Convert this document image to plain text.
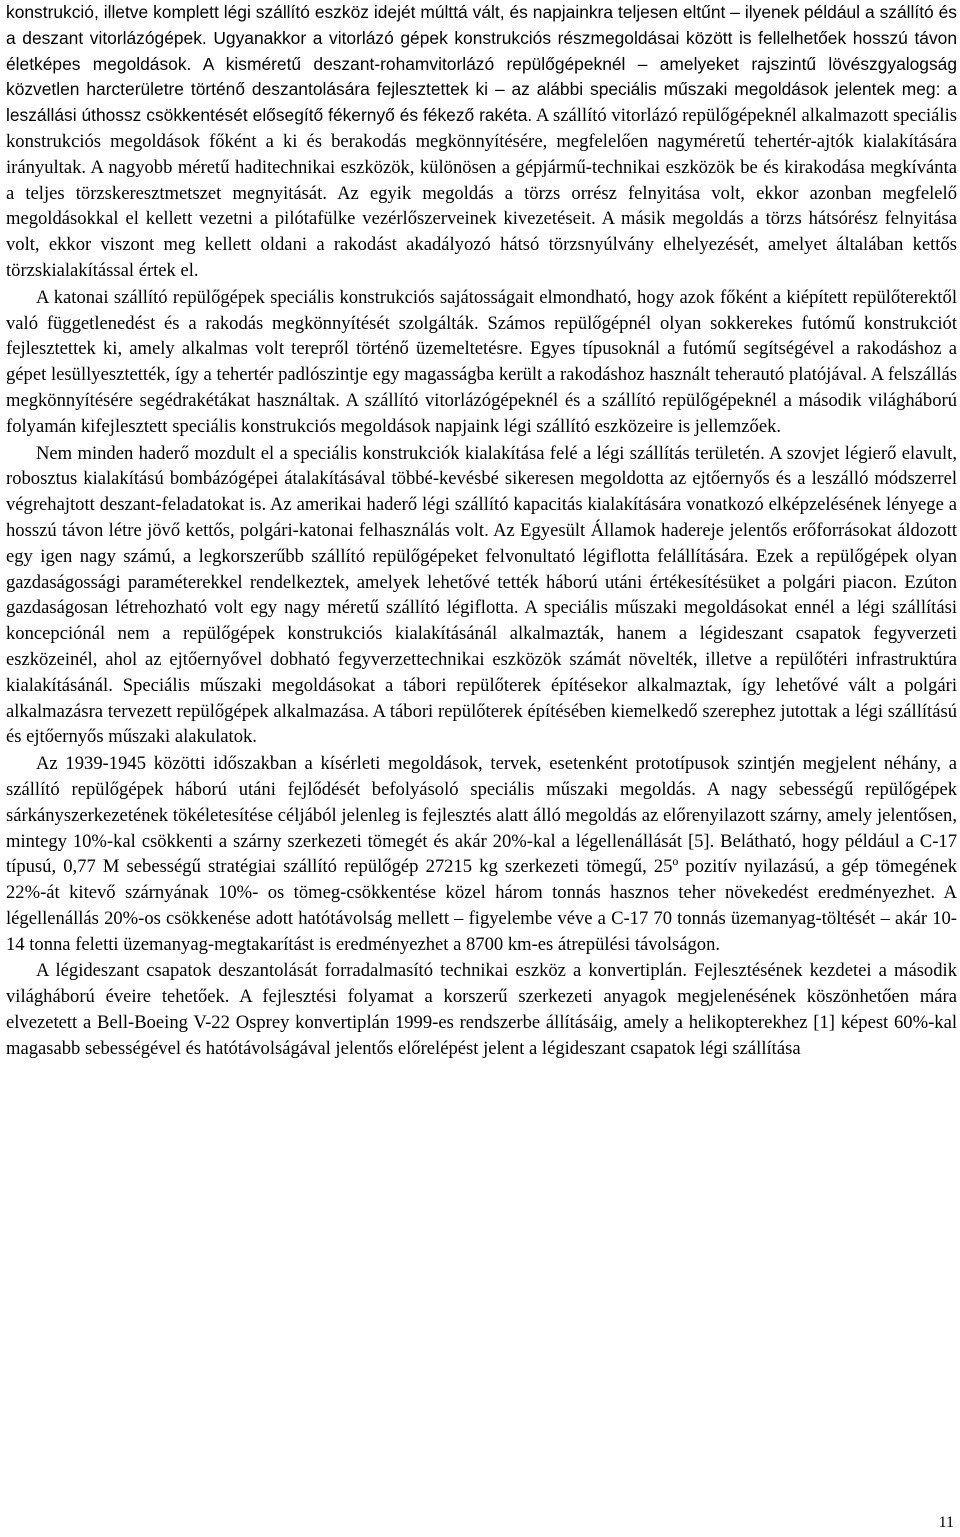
konstrukció, illetve komplett légi szállító eszköz idejét múlttá vált, és napjainkra teljesen eltűnt – ilyenek például a szállító és a deszant vitorlázógépek. Ugyanakkor a vitorlázó gépek konstrukciós részmegoldásai között is fellelhetőek hosszú távon életképes megoldások. A kisméretű deszant-rohamvitorlázó repülőgépeknél – amelyeket rajszintű lövészgyalogság közvetlen harcterületre történő deszantolására fejlesztettek ki – az alábbi speciális műszaki megoldások jelentek meg: a leszállási úthossz csökkentését elősegítő fékernyő és fékező rakéta. A szállító vitorlázó repülőgépeknél alkalmazott speciális konstrukciós megoldások főként a ki és berakodás megkönnyítésére, megfelelően nagyméretű tehertér-ajtók kialakítására irányultak. A nagyobb méretű haditechnikai eszközök, különösen a gépjármű-technikai eszközök be és kirakodása megkívánta a teljes törzskeresztmetszet megnyitását. Az egyik megoldás a törzs orrész felnyitása volt, ekkor azonban megfelelő megoldásokkal el kellett vezetni a pilótafülke vezérlőszerveinek kivezetéseit. A másik megoldás a törzs hátsórész felnyitása volt, ekkor viszont meg kellett oldani a rakodást akadályozó hátsó törzsnyúlvány elhelyezését, amelyet általában kettős törzskialakítással értek el.

A katonai szállító repülőgépek speciális konstrukciós sajátosságait elmondható, hogy azok főként a kiépített repülőterektől való függetlenedést és a rakodás megkönnyítését szolgálták. Számos repülőgépnél olyan sokkerekes futómű konstrukciót fejlesztettek ki, amely alkalmas volt terepről történő üzemeltetésre. Egyes típusoknál a futómű segítségével a rakodáshoz a gépet lesüllyesztették, így a tehertér padlószintje egy magasságba került a rakodáshoz használt teherautó platójával. A felszállás megkönnyítésére segédrakétákat használtak. A szállító vitorlázógépeknél és a szállító repülőgépeknél a második világháború folyamán kifejlesztett speciális konstrukciós megoldások napjaink légi szállító eszközeire is jellemzőek.

Nem minden haderő mozdult el a speciális konstrukciók kialakítása felé a légi szállítás területén. A szovjet légierő elavult, robosztus kialakítású bombázógépei átalakításával többé-kevésbé sikeresen megoldotta az ejtőernyős és a leszálló módszerrel végrehajtott deszant-feladatokat is. Az amerikai haderő légi szállító kapacitás kialakítására vonatkozó elképzelésének lényege a hosszú távon létre jövő kettős, polgári-katonai felhasználás volt. Az Egyesült Államok hadereje jelentős erőforrásokat áldozott egy igen nagy számú, a legkorszerűbb szállító repülőgépeket felvonultató légiflotta felállítására. Ezek a repülőgépek olyan gazdaságossági paraméterekkel rendelkeztek, amelyek lehetővé tették háború utáni értékesítésüket a polgári piacon. Ezúton gazdaságosan létrehozható volt egy nagy méretű szállító légiflotta. A speciális műszaki megoldásokat ennél a légi szállítási koncepciónál nem a repülőgépek konstrukciós kialakításánál alkalmazták, hanem a légideszant csapatok fegyverzeti eszközeinél, ahol az ejtőernyővel dobható fegyverzettechnikai eszközök számát növelték, illetve a repülőtéri infrastruktúra kialakításánál. Speciális műszaki megoldásokat a tábori repülőterek építésekor alkalmaztak, így lehetővé vált a polgári alkalmazásra tervezett repülőgépek alkalmazása. A tábori repülőterek építésében kiemelkedő szerephez jutottak a légi szállítású és ejtőernyős műszaki alakulatok.

Az 1939-1945 közötti időszakban a kísérleti megoldások, tervek, esetenként prototípusok szintjén megjelent néhány, a szállító repülőgépek háború utáni fejlődését befolyásoló speciális műszaki megoldás. A nagy sebességű repülőgépek sárkányszerkezetének tökéletesítése céljából jelenleg is fejlesztés alatt álló megoldás az előrenyilazott szárny, amely jelentősen, mintegy 10%-kal csökkenti a szárny szerkezeti tömegét és akár 20%-kal a légellenállását [5]. Belátható, hogy például a C-17 típusú, 0,77 M sebességű stratégiai szállító repülőgép 27215 kg szerkezeti tömegű, 25º pozitív nyilazású, a gép tömegének 22%-át kitevő szárnyának 10%- os tömeg-csökkentése közel három tonnás hasznos teher növekedést eredményezhet. A légellenállás 20%-os csökkenése adott hatótávolság mellett – figyelembe véve a C-17 70 tonnás üzemanyag-töltését – akár 10-14 tonna feletti üzemanyag-megtakarítást is eredményezhet a 8700 km-es átrepülési távolságon.

A légideszant csapatok deszantolását forradalmasító technikai eszköz a konvertiplán. Fejlesztésének kezdetei a második világháború éveire tehetőek. A fejlesztési folyamat a korszerű szerkezeti anyagok megjelenésének köszönhetően mára elvezetett a Bell-Boeing V-22 Osprey konvertiplán 1999-es rendszerbe állításáig, amely a helikopterekhez [1] képest 60%-kal magasabb sebességével és hatótávolságával jelentős előrelépést jelent a légideszant csapatok légi szállítása

11
